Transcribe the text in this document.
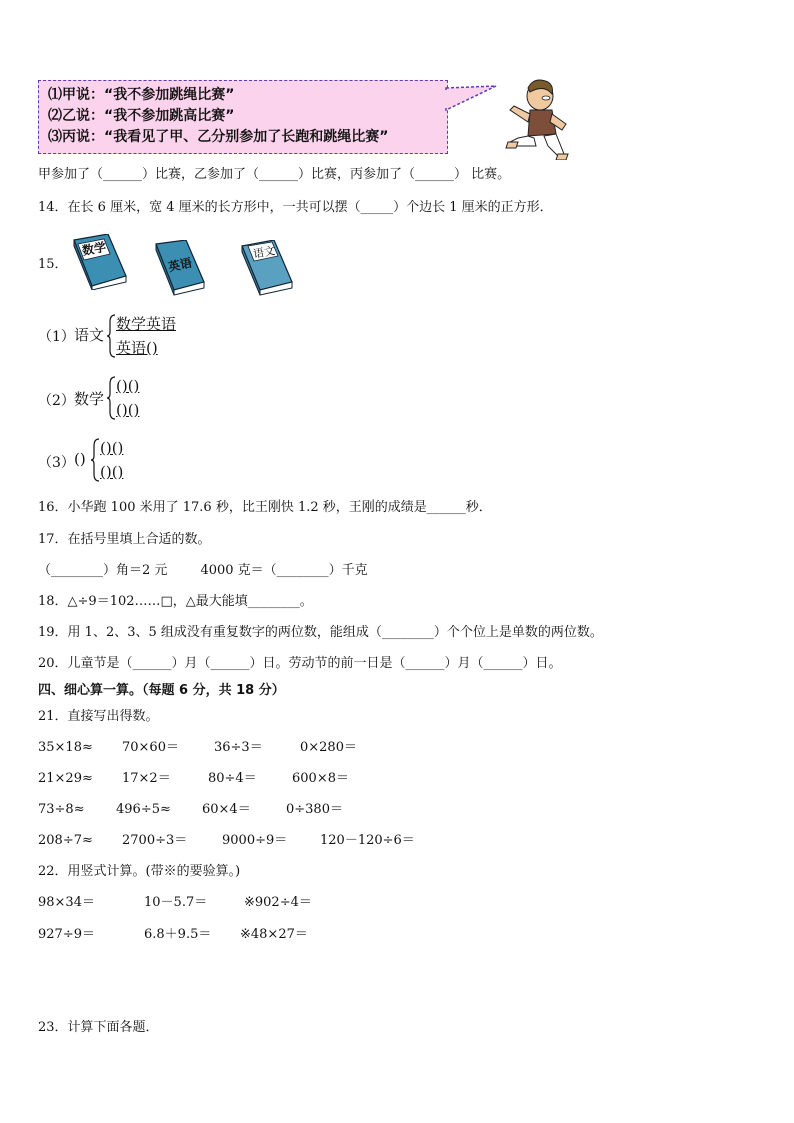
⑴甲说：“我不参加跳绳比赛”
⑵乙说：“我不参加跳高比赛”
⑶丙说：“我看见了甲、乙分别参加了长跑和跳绳比赛”
甲参加了（______）比赛，乙参加了（______）比赛，丙参加了（______） 比赛。
14．在长 6 厘米，宽 4 厘米的长方形中，一共可以摆（_____）个边长 1 厘米的正方形．
15．
数学
英语
语文
（1） 语文
数学英语
英语()
（2） 数学
()()
()()
（3） ()
()()
()()
16．小华跑 100 米用了 17.6 秒，比王刚快 1.2 秒，王刚的成绩是______秒．
17．在括号里填上合适的数。
（________）角＝2 元        4000 克＝（________）千克
18．△÷9＝102……□，△最大能填________。
19．用 1、2、3、5 组成没有重复数字的两位数，能组成（________）个个位上是单数的两位数。
20．儿童节是（______）月（______）日。劳动节的前一日是（______）月（______）日。
四、细心算一算。（每题 6 分，共 18 分）
21．直接写出得数。
35×18≈ 70×60＝	36÷3＝	0×280＝
21×29≈ 17×2＝	80÷4＝	600×8＝
73÷8≈ 496÷5≈ 60×4＝	0÷380＝
208÷7≈ 2700÷3＝	9000÷9＝	120－120÷6＝
22．用竖式计算。(带※的要验算。)
98×34＝	10－5.7＝	※902÷4＝
927÷9＝	6.8＋9.5＝ ※48×27＝
23．计算下面各题．
